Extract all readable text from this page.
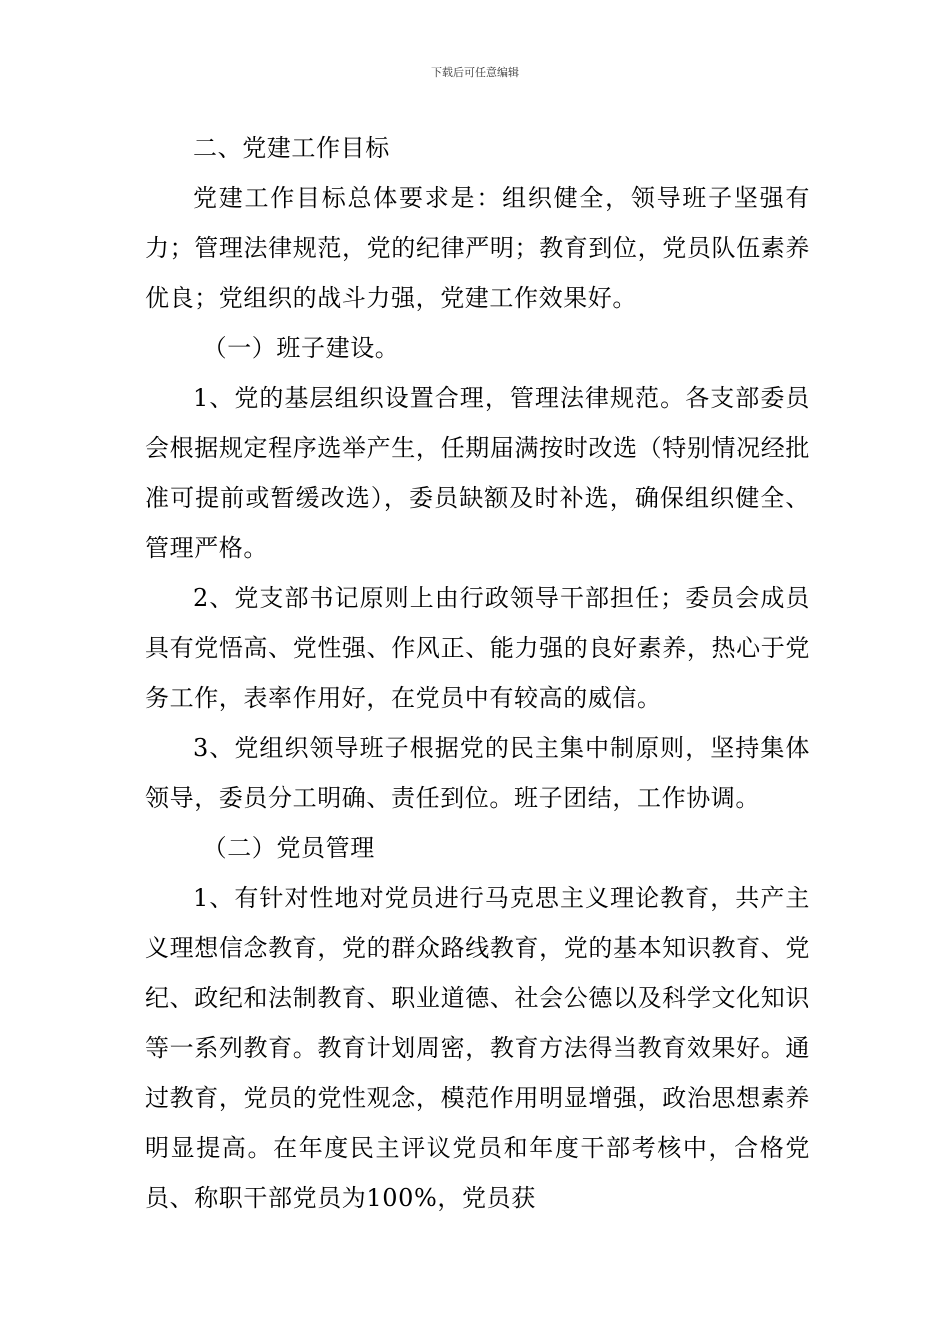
下载后可任意编辑

二、党建工作目标

党建工作目标总体要求是：组织健全，领导班子坚强有力；管理法律规范，党的纪律严明；教育到位，党员队伍素养优良；党组织的战斗力强，党建工作效果好。

（一）班子建设。

1、党的基层组织设置合理，管理法律规范。各支部委员会根据规定程序选举产生，任期届满按时改选（特别情况经批准可提前或暂缓改选），委员缺额及时补选，确保组织健全、管理严格。

2、党支部书记原则上由行政领导干部担任；委员会成员具有党悟高、党性强、作风正、能力强的良好素养，热心于党务工作，表率作用好，在党员中有较高的威信。

3、党组织领导班子根据党的民主集中制原则，坚持集体领导，委员分工明确、责任到位。班子团结，工作协调。

（二）党员管理

1、有针对性地对党员进行马克思主义理论教育，共产主义理想信念教育，党的群众路线教育，党的基本知识教育、党纪、政纪和法制教育、职业道德、社会公德以及科学文化知识等一系列教育。教育计划周密，教育方法得当教育效果好。通过教育，党员的党性观念，模范作用明显增强，政治思想素养明显提高。在年度民主评议党员和年度干部考核中，合格党员、称职干部党员为100%，党员获
